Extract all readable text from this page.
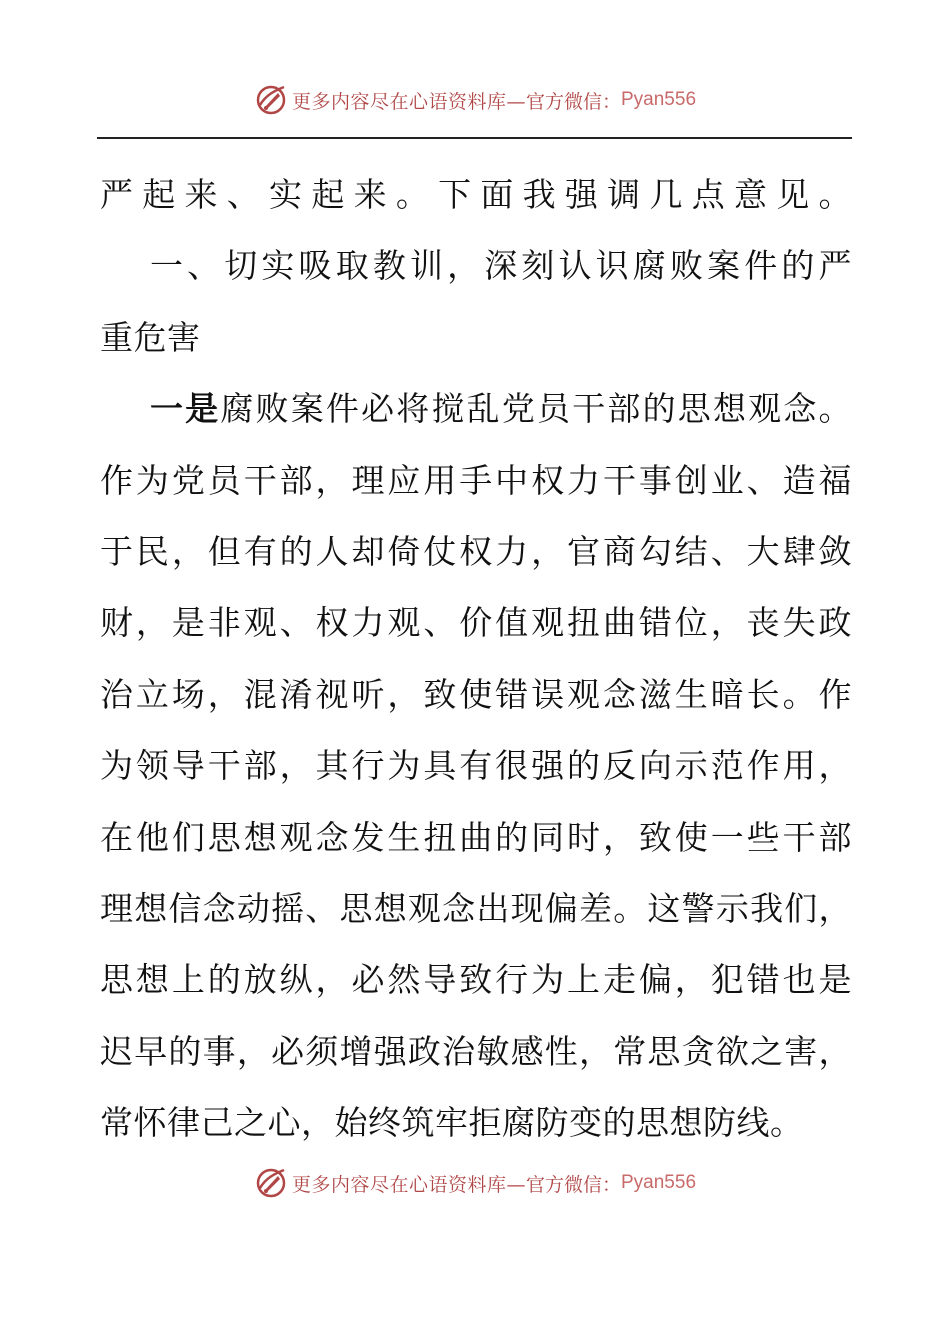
更多内容尽在心语资料库— 官方微信： Pyan556
严起来、实起来。下面我强调几点意见。
一、切实吸取教训，深刻认识腐败案件的严
重危害
一是腐败案件必将搅乱党员干部的思想观念。
作为党员干部，理应用手中权力干事创业、造福
于民，但有的人却倚仗权力，官商勾结、大肆敛
财，是非观、权力观、价值观扭曲错位，丧失政
治立场，混淆视听，致使错误观念滋生暗长。作
为领导干部，其行为具有很强的反向示范作用，
在他们思想观念发生扭曲的同时，致使一些干部
理想信念动摇、思想观念出现偏差。这警示我们，
思想上的放纵，必然导致行为上走偏，犯错也是
迟早的事，必须增强政治敏感性，常思贪欲之害，
常怀律己之心，始终筑牢拒腐防变的思想防线。
更多内容尽在心语资料库— 官方微信： Pyan556
